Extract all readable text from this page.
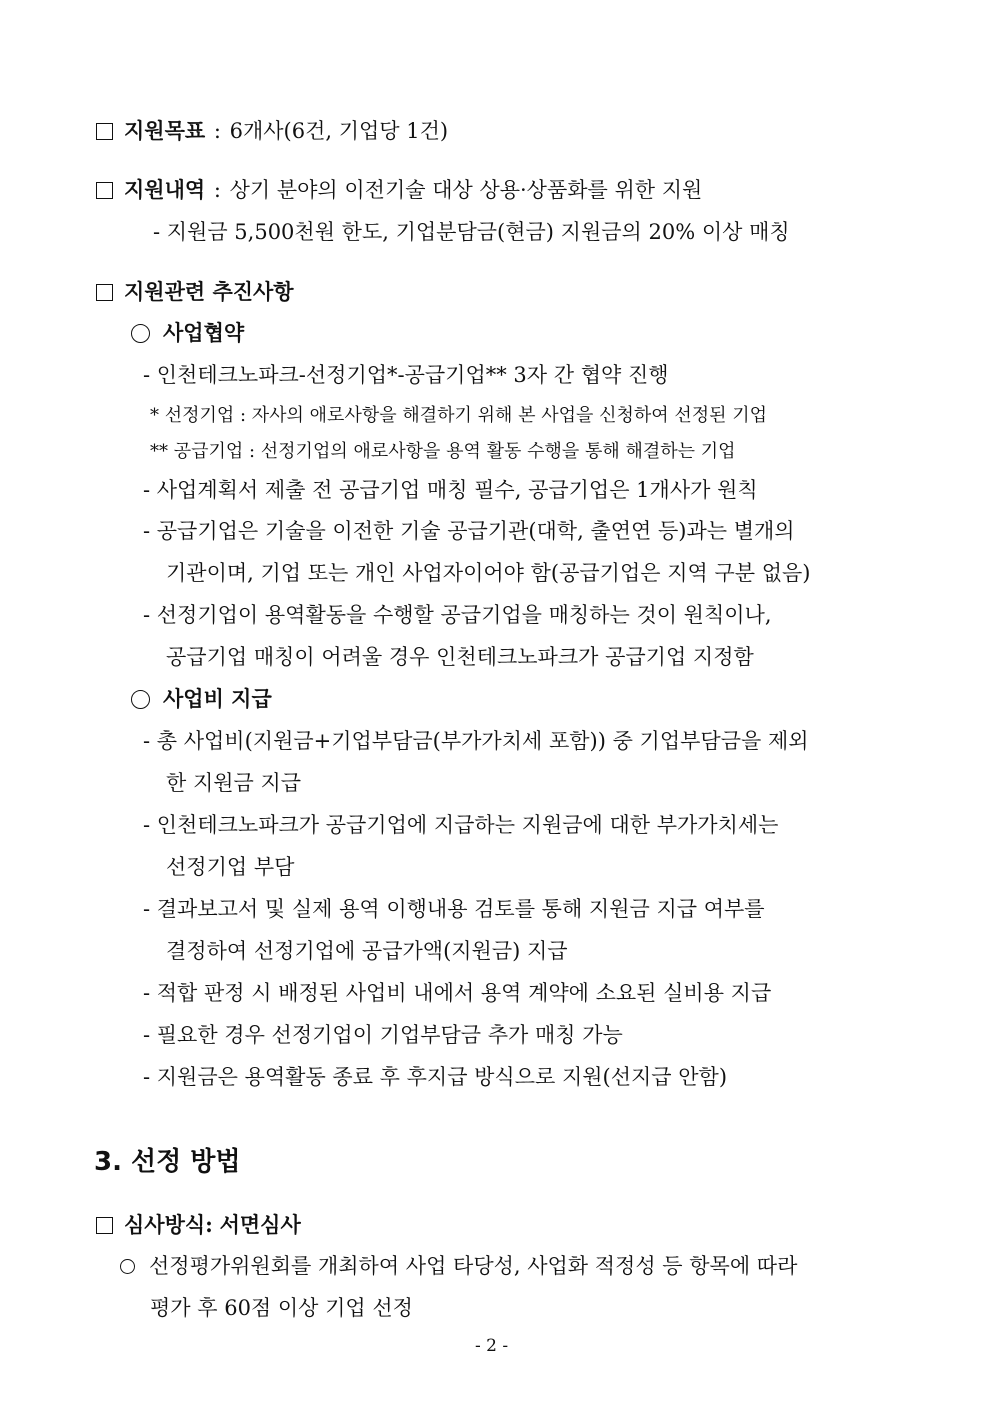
지원목표 : 6개사(6건, 기업당 1건)
지원내역 : 상기 분야의 이전기술 대상 상용·상품화를 위한 지원
- 지원금 5,500천원 한도, 기업분담금(현금) 지원금의 20% 이상 매칭
지원관련 추진사항
사업협약
- 인천테크노파크-선정기업*-공급기업** 3자 간 협약 진행
* 선정기업 : 자사의 애로사항을 해결하기 위해 본 사업을 신청하여 선정된 기업
** 공급기업 : 선정기업의 애로사항을 용역 활동 수행을 통해 해결하는 기업
- 사업계획서 제출 전 공급기업 매칭 필수, 공급기업은 1개사가 원칙
- 공급기업은 기술을 이전한 기술 공급기관(대학, 출연연 등)과는 별개의
기관이며, 기업 또는 개인 사업자이어야 함(공급기업은 지역 구분 없음)
- 선정기업이 용역활동을 수행할 공급기업을 매칭하는 것이 원칙이나,
공급기업 매칭이 어려울 경우 인천테크노파크가 공급기업 지정함
사업비 지급
- 총 사업비(지원금+기업부담금(부가가치세 포함)) 중 기업부담금을 제외
한 지원금 지급
- 인천테크노파크가 공급기업에 지급하는 지원금에 대한 부가가치세는
선정기업 부담
- 결과보고서 및 실제 용역 이행내용 검토를 통해 지원금 지급 여부를
결정하여 선정기업에 공급가액(지원금) 지급
- 적합 판정 시 배정된 사업비 내에서 용역 계약에 소요된 실비용 지급
- 필요한 경우 선정기업이 기업부담금 추가 매칭 가능
- 지원금은 용역활동 종료 후 후지급 방식으로 지원(선지급 안함)
3. 선정 방법
심사방식: 서면심사
선정평가위원회를 개최하여 사업 타당성, 사업화 적정성 등 항목에 따라
평가 후 60점 이상 기업 선정
- 2 -
